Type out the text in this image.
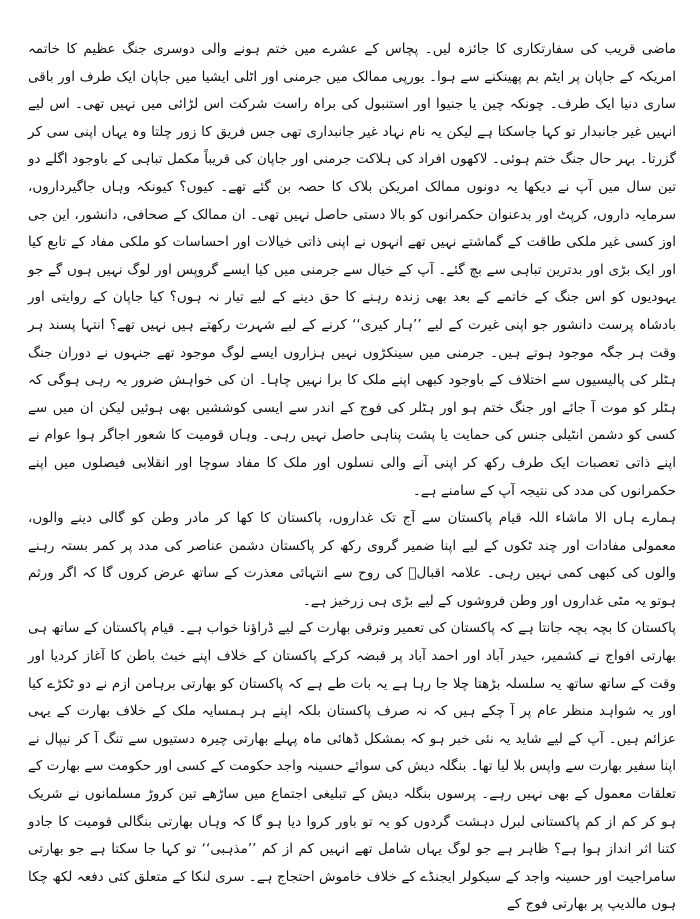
ماضی قریب کی سفارتکاری کا جائزہ لیں۔ پچاس کے عشرے میں ختم ہونے والی دوسری جنگ عظیم کا خاتمہ امریکہ کے جاپان پر ایٹم بم پھینکنے سے ہوا۔ یورپی ممالک میں جرمنی اور اٹلی ایشیا میں جاپان ایک طرف اور باقی ساری دنیا ایک طرف۔ چونکہ چین یا جنیوا اور استنبول کی براہ راست شرکت اس لڑائی میں نہیں تھی۔ اس لیے انہیں غیر جانبدار تو کہا جاسکتا ہے لیکن یہ نام نہاد غیر جانبداری تھی جس فریق کا زور چلتا وہ یہاں اپنی سی کر گزرتا۔ بہر حال جنگ ختم ہوئی۔ لاکھوں افراد کی ہلاکت جرمنی اور جاپان کی قریباً مکمل تباہی کے باوجود اگلے دو تین سال میں آپ نے دیکھا یہ دونوں ممالک امریکن بلاک کا حصہ بن گئے تھے۔ کیوں؟ کیونکہ وہاں جاگیرداروں، سرمایہ داروں، کرپٹ اور بدعنوان حکمرانوں کو بالا دستی حاصل نہیں تھی۔ ان ممالک کے صحافی، دانشور، این جی اوز کسی غیر ملکی طاقت کے گماشتے نہیں تھے انہوں نے اپنی ذاتی خیالات اور احساسات کو ملکی مفاد کے تابع کیا اور ایک بڑی اور بدترین تباہی سے بچ گئے۔ آپ کے خیال سے جرمنی میں کیا ایسے گروپس اور لوگ نہیں ہوں گے جو یہودیوں کو اس جنگ کے خاتمے کے بعد بھی زندہ رہنے کا حق دینے کے لیے تیار نہ ہوں؟ کیا جاپان کے روایتی اور بادشاہ پرست دانشور جو اپنی غیرت کے لیے ’’ہار کیری‘‘ کرنے کے لیے شہرت رکھتے ہیں نہیں تھے؟ انتہا پسند ہر وقت ہر جگہ موجود ہوتے ہیں۔ جرمنی میں سینکڑوں نہیں ہزاروں ایسے لوگ موجود تھے جنہوں نے دوران جنگ ہٹلر کی پالیسیوں سے اختلاف کے باوجود کبھی اپنے ملک کا برا نہیں چاہا۔ ان کی خواہش ضرور یہ رہی ہوگی کہ ہٹلر کو موت آ جائے اور جنگ ختم ہو اور ہٹلر کی فوج کے اندر سے ایسی کوششیں بھی ہوئیں لیکن ان میں سے کسی کو دشمن انٹیلی جنس کی حمایت یا پشت پناہی حاصل نہیں رہی۔ وہاں قومیت کا شعور اجاگر ہوا عوام نے اپنے ذاتی تعصبات ایک طرف رکھ کر اپنی آنے والی نسلوں اور ملک کا مفاد سوچا اور انقلابی فیصلوں میں اپنے حکمرانوں کی مدد کی نتیجہ آپ کے سامنے ہے۔

ہمارے ہاں الا ماشاء اللہ قیام پاکستان سے آج تک غداروں، پاکستان کا کھا کر مادر وطن کو گالی دینے والوں، معمولی مفادات اور چند ٹکوں کے لیے اپنا ضمیر گروی رکھ کر پاکستان دشمن عناصر کی مدد پر کمر بستہ رہنے والوں کی کبھی کمی نہیں رہی۔ علامہ اقبالؒ کی روح سے انتہائی معذرت کے ساتھ عرض کروں گا کہ اگر ورثم ہوتو یہ مٹی غداروں اور وطن فروشوں کے لیے بڑی ہی زرخیز ہے۔

پاکستان کا بچہ بچہ جانتا ہے کہ پاکستان کی تعمیر وترقی بھارت کے لیے ڈراؤنا خواب ہے۔ قیام پاکستان کے ساتھ ہی بھارتی افواج نے کشمیر، حیدر آباد اور احمد آباد پر قبضہ کرکے پاکستان کے خلاف اپنے خبث باطن کا آغاز کردیا اور وقت کے ساتھ ساتھ یہ سلسلہ بڑھتا چلا جا رہا ہے یہ بات طے ہے کہ پاکستان کو بھارتی برہامن ازم نے دو ٹکڑے کیا اور یہ شواہد منظر عام پر آ چکے ہیں کہ نہ صرف پاکستان بلکہ اپنے ہر ہمسایہ ملک کے خلاف بھارت کے یہی عزائم ہیں۔ آپ کے لیے شاید یہ نئی خبر ہو کہ بمشکل ڈھائی ماہ پہلے بھارتی چیرہ دستیوں سے تنگ آ کر نیپال نے اپنا سفیر بھارت سے واپس بلا لیا تھا۔ بنگلہ دیش کی سوائے حسینہ واجد حکومت کے کسی اور حکومت سے بھارت کے تعلقات معمول کے بھی نہیں رہے۔ پرسوں بنگلہ دیش کے تبلیغی اجتماع میں ساڑھے تین کروڑ مسلمانوں نے شریک ہو کر کم از کم پاکستانی لبرل دہشت گردوں کو یہ تو باور کروا دیا ہو گا کہ وہاں بھارتی بنگالی قومیت کا جادو کتنا اثر انداز ہوا ہے؟ ظاہر ہے جو لوگ یہاں شامل تھے انہیں کم از کم ’’مذہبی‘‘ تو کہا جا سکتا ہے جو بھارتی سامراجیت اور حسینہ واجد کے سیکولر ایجنڈے کے خلاف خاموش احتجاج ہے۔ سری لنکا کے متعلق کئی دفعہ لکھ چکا ہوں مالدیپ پر بھارتی فوج کے
